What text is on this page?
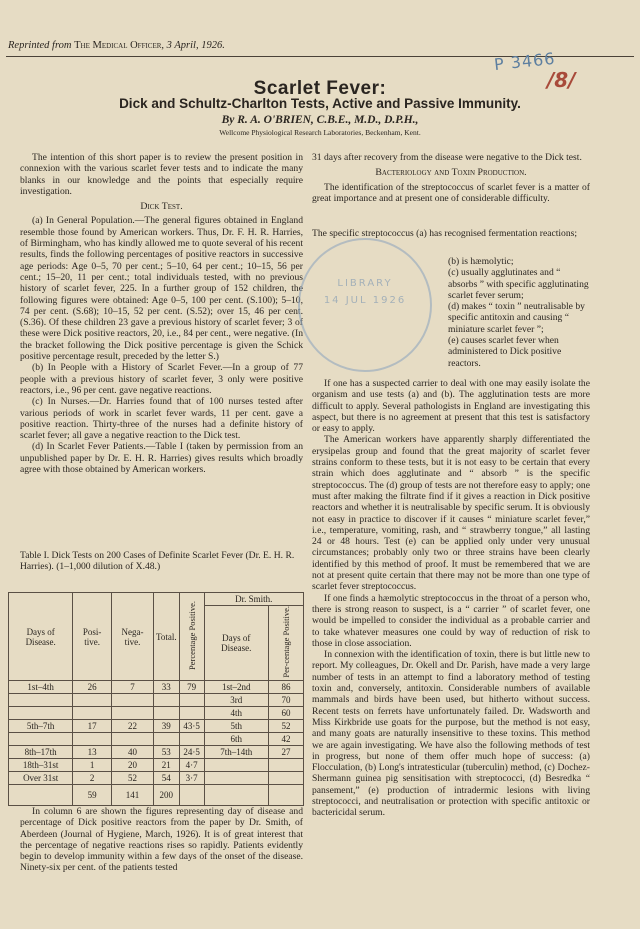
Reprinted from The Medical Officer, 3 April, 1926.
P 3466
/8/
Scarlet Fever:
Dick and Schultz-Charlton Tests, Active and Passive Immunity.
By R. A. O'BRIEN, C.B.E., M.D., D.P.H.,
Wellcome Physiological Research Laboratories, Beckenham, Kent.

The intention of this short paper is to review the present position in connexion with the various scarlet fever tests and to indicate the many blanks in our knowledge and the points that especially require investigation.

Dick Test.

(a) In General Population.—The general figures obtained in England resemble those found by American workers. Thus, Dr. F. H. R. Harries, of Birmingham, who has kindly allowed me to quote several of his recent results, finds the following percentages of positive reactors in successive age periods: Age 0–5, 70 per cent.; 5–10, 64 per cent.; 10–15, 56 per cent.; 15–20, 11 per cent.; total individuals tested, with no previous history of scarlet fever, 225. In a further group of 152 children, the following figures were obtained: Age 0–5, 100 per cent. (S.100); 5–10, 74 per cent. (S.68); 10–15, 52 per cent. (S.52); over 15, 46 per cent. (S.36). Of these children 23 gave a previous history of scarlet fever; 3 of these were Dick positive reactors, 20, i.e., 84 per cent., were negative. (In the bracket following the Dick positive percentage is given the Schick positive percentage result, preceded by the letter S.)

(b) In People with a History of Scarlet Fever.—In a group of 77 people with a previous history of scarlet fever, 3 only were positive reactors, i.e., 96 per cent. gave negative reactions.

(c) In Nurses.—Dr. Harries found that of 100 nurses tested after various periods of work in scarlet fever wards, 11 per cent. gave a positive reaction. Thirty-three of the nurses had a definite history of scarlet fever; all gave a negative reaction to the Dick test.

(d) In Scarlet Fever Patients.—Table I (taken by permission from an unpublished paper by Dr. E. H. R. Harries) gives results which broadly agree with those obtained by American workers.

Table I. Dick Tests on 200 Cases of Definite Scarlet Fever (Dr. E. H. R. Harries). (1–1,000 dilution of X.48.)
Days of Disease.	Posi-tive.	Nega-tive.	Total.	Percentage Positive.	Dr. Smith.	
					Days of Disease.	Per-centage Positive.
1st–4th	26	7	33	79	1st–2nd	86
					3rd	70
					4th	60
5th–7th	17	22	39	43·5	5th	52
					6th	42
8th–17th	13	40	53	24·5	7th–14th	27
18th–31st	1	20	21	4·7		
Over 31st	2	52	54	3·7		
	59	141	200			

In column 6 are shown the figures representing day of disease and percentage of Dick positive reactors from the paper by Dr. Smith, of Aberdeen (Journal of Hygiene, March, 1926). It is of great interest that the percentage of negative reactions rises so rapidly. Patients evidently begin to develop immunity within a few days of the onset of the disease. Ninety-six per cent. of the patients tested

31 days after recovery from the disease were negative to the Dick test.

Bacteriology and Toxin Production.

The identification of the streptococcus of scarlet fever is a matter of great importance and at present one of considerable difficulty.

LIBRARY
14 JUL 1926

The specific streptococcus (a) has recognised fermentation reactions;

(b) is hæmolytic;
(c) usually agglutinates and “ absorbs ” with specific agglutinating scarlet fever serum;
(d) makes “ toxin ” neutralisable by specific antitoxin and causing “ miniature scarlet fever ”;
(e) causes scarlet fever when administered to Dick positive reactors.

If one has a suspected carrier to deal with one may easily isolate the organism and use tests (a) and (b). The agglutination tests are more difficult to apply. Several pathologists in England are investigating this aspect, but there is no agreement at present that this test is satisfactory or easy to apply.

The American workers have apparently sharply differentiated the erysipelas group and found that the great majority of scarlet fever strains conform to these tests, but it is not easy to be certain that every strain which does agglutinate and “ absorb ” is the specific streptococcus. The (d) group of tests are not therefore easy to apply; one must after making the filtrate find if it gives a reaction in Dick positive reactors and whether it is neutralisable by specific serum. It is obviously not easy in practice to discover if it causes “ miniature scarlet fever,” i.e., temperature, vomiting, rash, and “ strawberry tongue,” all lasting 24 or 48 hours. Test (e) can be applied only under very unusual circumstances; probably only two or three strains have been clearly identified by this method of proof. It must be remembered that we are not at present quite certain that there may not be more than one type of scarlet fever streptococcus.

If one finds a hæmolytic streptococcus in the throat of a person who, there is strong reason to suspect, is a “ carrier ” of scarlet fever, one would be impelled to consider the individual as a probable carrier and to take whatever measures one could by way of reduction of risk to those in close association.

In connexion with the identification of toxin, there is but little new to report. My colleagues, Dr. Okell and Dr. Parish, have made a very large number of tests in an attempt to find a laboratory method of testing toxin and, conversely, antitoxin. Considerable numbers of available mammals and birds have been used, but hitherto without success. Recent tests on ferrets have unfortunately failed. Dr. Wadsworth and Miss Kirkbride use goats for the purpose, but the method is not easy, and many goats are naturally insensitive to these toxins. This method we are again investigating. We have also the following methods of test in progress, but none of them offer much hope of success: (a) Flocculation, (b) Long's intratesticular (tuberculin) method, (c) Dochez-Shermann guinea pig sensitisation with streptococci, (d) Besredka “ pansement,” (e) production of intradermic lesions with living streptococci, and neutralisation or protection with specific antitoxic or bactericidal serum.
